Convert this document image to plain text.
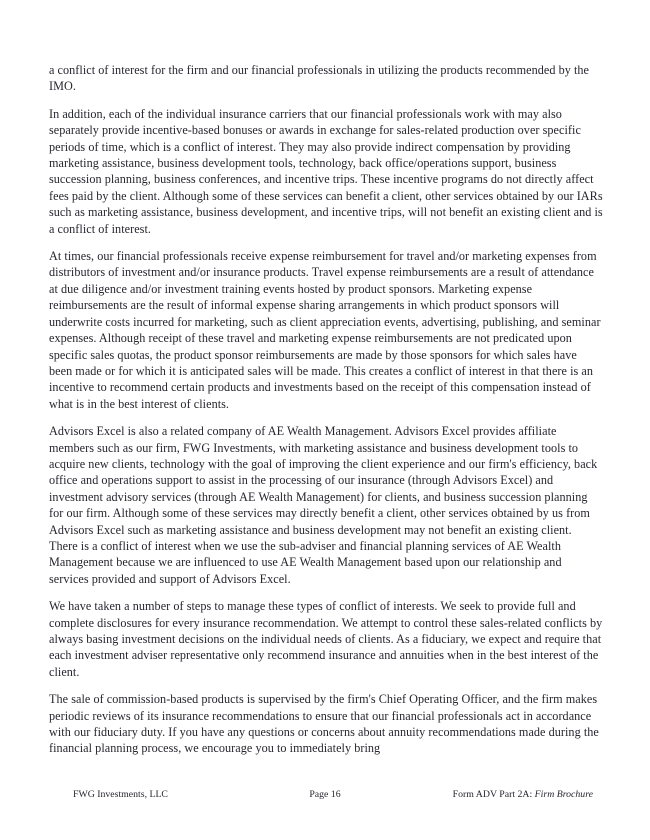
a conflict of interest for the firm and our financial professionals in utilizing the products recommended by the IMO.

In addition, each of the individual insurance carriers that our financial professionals work with may also separately provide incentive-based bonuses or awards in exchange for sales-related production over specific periods of time, which is a conflict of interest. They may also provide indirect compensation by providing marketing assistance, business development tools, technology, back office/operations support, business succession planning, business conferences, and incentive trips. These incentive programs do not directly affect fees paid by the client. Although some of these services can benefit a client, other services obtained by our IARs such as marketing assistance, business development, and incentive trips, will not benefit an existing client and is a conflict of interest.

At times, our financial professionals receive expense reimbursement for travel and/or marketing expenses from distributors of investment and/or insurance products. Travel expense reimbursements are a result of attendance at due diligence and/or investment training events hosted by product sponsors. Marketing expense reimbursements are the result of informal expense sharing arrangements in which product sponsors will underwrite costs incurred for marketing, such as client appreciation events, advertising, publishing, and seminar expenses. Although receipt of these travel and marketing expense reimbursements are not predicated upon specific sales quotas, the product sponsor reimbursements are made by those sponsors for which sales have been made or for which it is anticipated sales will be made. This creates a conflict of interest in that there is an incentive to recommend certain products and investments based on the receipt of this compensation instead of what is in the best interest of clients.

Advisors Excel is also a related company of AE Wealth Management. Advisors Excel provides affiliate members such as our firm, FWG Investments, with marketing assistance and business development tools to acquire new clients, technology with the goal of improving the client experience and our firm's efficiency, back office and operations support to assist in the processing of our insurance (through Advisors Excel) and investment advisory services (through AE Wealth Management) for clients, and business succession planning for our firm. Although some of these services may directly benefit a client, other services obtained by us from Advisors Excel such as marketing assistance and business development may not benefit an existing client. There is a conflict of interest when we use the sub-adviser and financial planning services of AE Wealth Management because we are influenced to use AE Wealth Management based upon our relationship and services provided and support of Advisors Excel.

We have taken a number of steps to manage these types of conflict of interests. We seek to provide full and complete disclosures for every insurance recommendation. We attempt to control these sales-related conflicts by always basing investment decisions on the individual needs of clients. As a fiduciary, we expect and require that each investment adviser representative only recommend insurance and annuities when in the best interest of the client.

The sale of commission-based products is supervised by the firm's Chief Operating Officer, and the firm makes periodic reviews of its insurance recommendations to ensure that our financial professionals act in accordance with our fiduciary duty. If you have any questions or concerns about annuity recommendations made during the financial planning process, we encourage you to immediately bring

FWG Investments, LLC	Page 16	Form ADV Part 2A: Firm Brochure
